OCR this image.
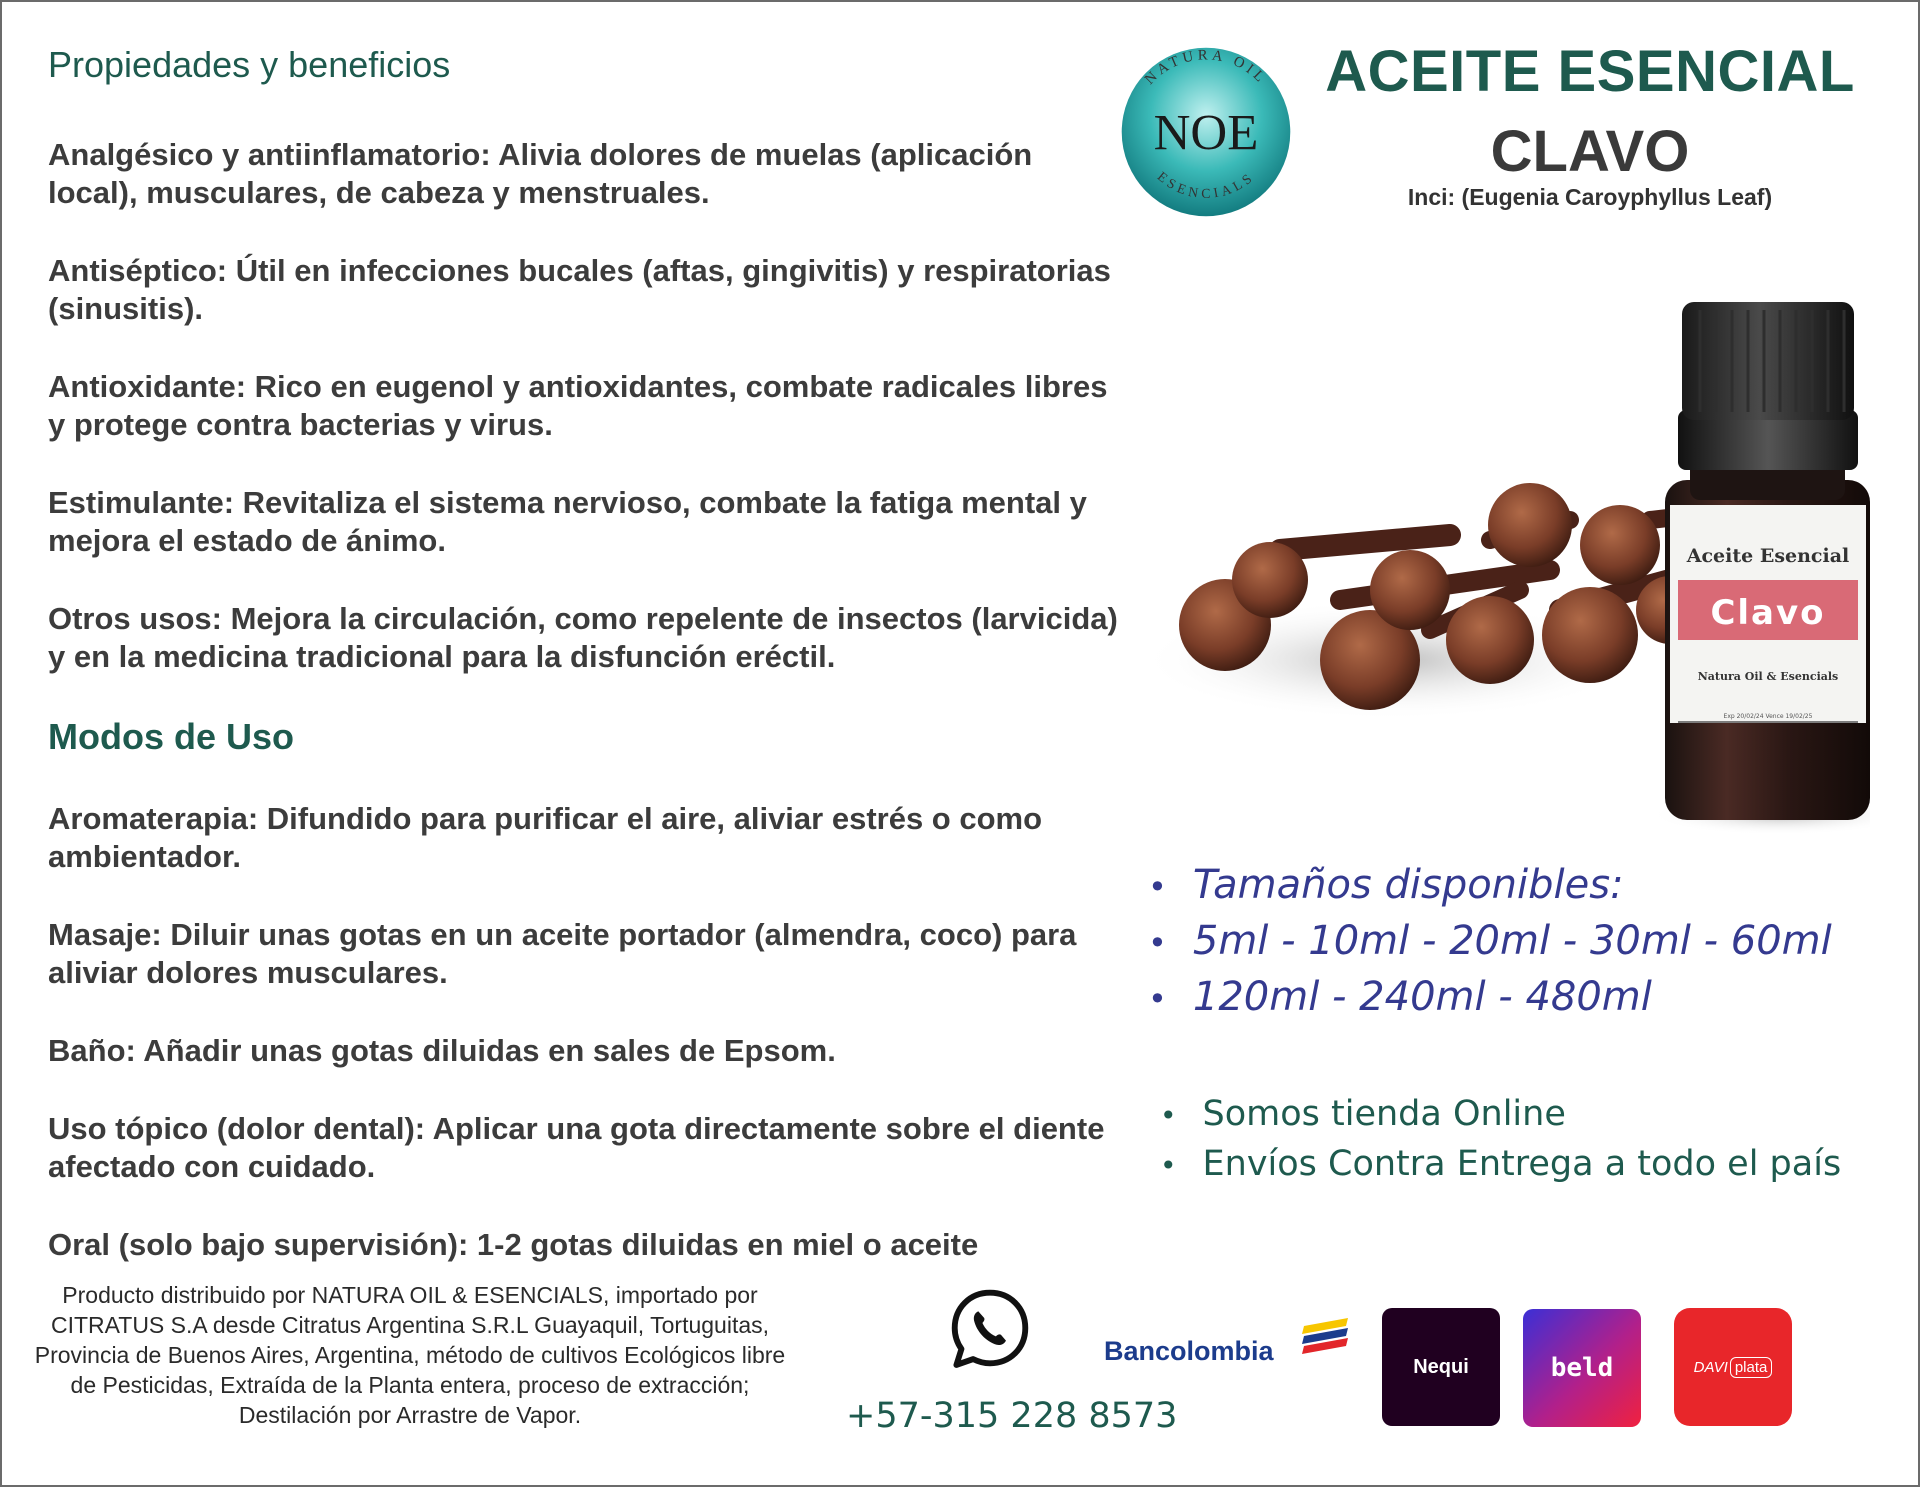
Propiedades y beneficios

Analgésico y antiinflamatorio: Alivia dolores de muelas (aplicación local), musculares, de cabeza y menstruales.

Antiséptico: Útil en infecciones bucales (aftas, gingivitis) y respiratorias (sinusitis).

Antioxidante: Rico en eugenol y antioxidantes, combate radicales libres y protege contra bacterias y virus.

Estimulante: Revitaliza el sistema nervioso, combate la fatiga mental y mejora el estado de ánimo.

Otros usos: Mejora la circulación, como repelente de insectos (larvicida) y en la medicina tradicional para la disfunción eréctil.

Modos de Uso

Aromaterapia: Difundido para purificar el aire, aliviar estrés o como ambientador.

Masaje: Diluir unas gotas en un aceite portador (almendra, coco) para aliviar dolores musculares.

Baño: Añadir unas gotas diluidas en sales de Epsom.

Uso tópico (dolor dental): Aplicar una gota directamente sobre el diente afectado con cuidado.

Oral (solo bajo supervisión): 1-2 gotas diluidas en miel o aceite

NATURA OIL
NOE
ESENCIALS
ACEITE ESENCIAL
CLAVO
Inci: (Eugenia Caroyphyllus Leaf)
Aceite Esencial
Clavo
Natura Oil & Esencials
Exp 20/02/24 Vence 19/02/25
• Tamaños disponibles:
• 5ml - 10ml - 20ml - 30ml - 60ml
• 120ml - 240ml - 480ml
• Somos tienda Online
• Envíos Contra Entrega a todo el país

Producto distribuido por NATURA OIL & ESENCIALS, importado por CITRATUS S.A desde Citratus Argentina S.R.L Guayaquil, Tortuguitas, Provincia de Buenos Aires, Argentina, método de cultivos Ecológicos libre de Pesticidas, Extraída de la Planta entera, proceso de extracción; Destilación por Arrastre de Vapor.	+57-315 228 8573
Bancolombia
Nequi	beld	DAVI plata
